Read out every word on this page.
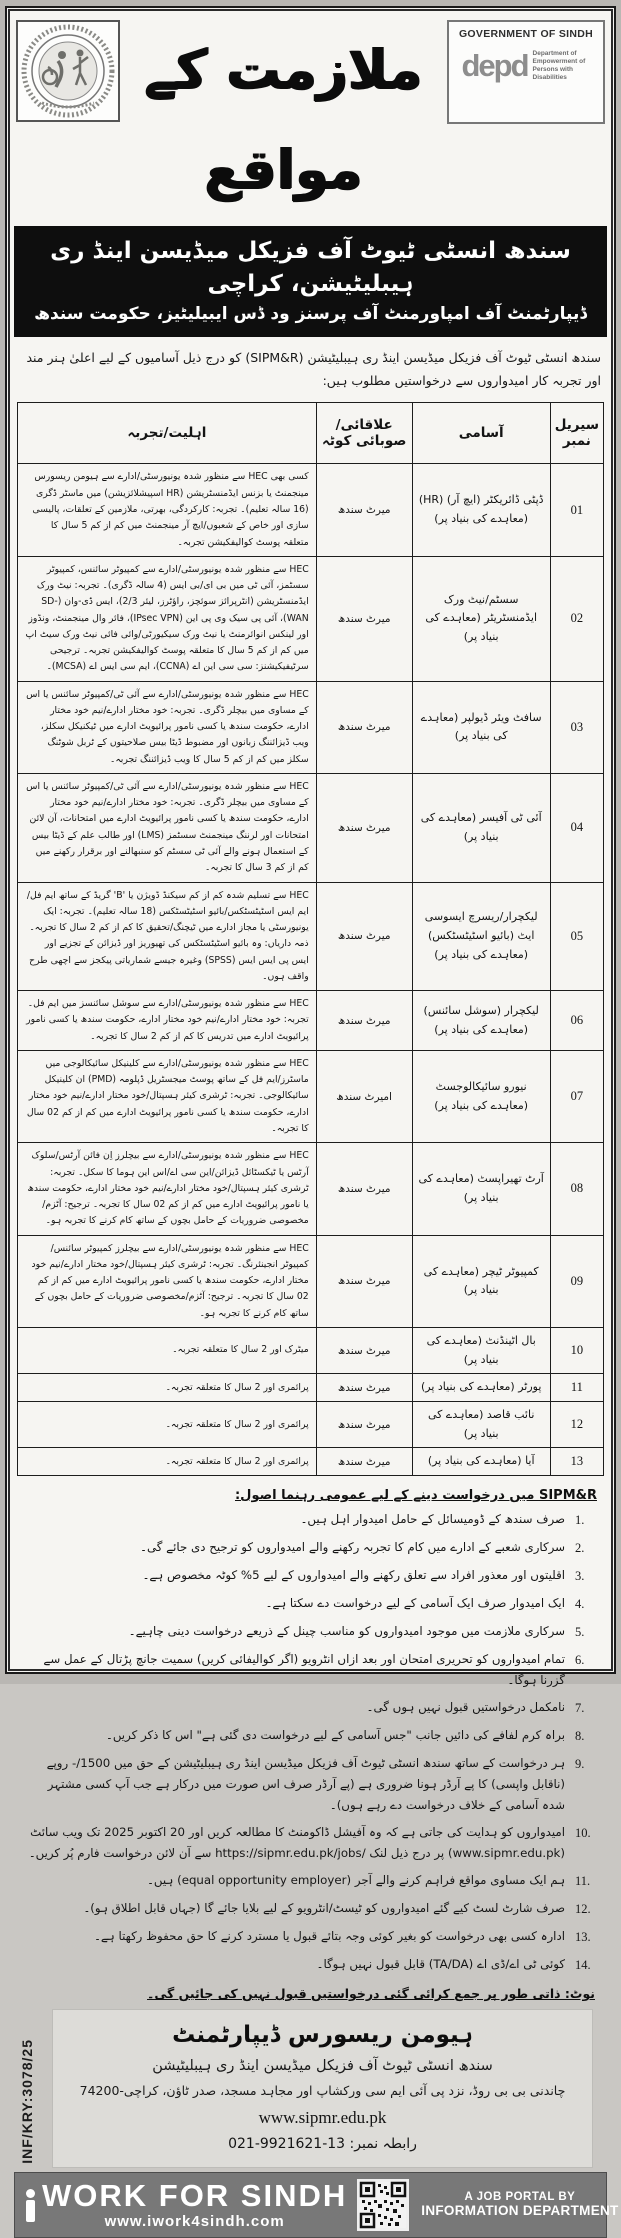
ملازمت کے مواقع
GOVERNMENT OF SINDH
depd Department of Empowerment of Persons with Disabilities
سندھ انسٹی ٹیوٹ آف فزیکل میڈیسن اینڈ ری ہیبلیٹیشن، کراچی
ڈیپارٹمنٹ آف امپاورمنٹ آف پرسنز ود ڈس ایبیلیٹیز، حکومت سندھ
سندھ انسٹی ٹیوٹ آف فزیکل میڈیسن اینڈ ری ہیبلیٹیشن (SIPM&R) کو درج ذیل آسامیوں کے لیے اعلیٰ ہنر مند اور تجربہ کار امیدواروں سے درخواستیں مطلوب ہیں:
سیریل نمبر	آسامی	علاقائی/صوبائی کوٹہ	اہلیت/تجربہ
01	ڈپٹی ڈائریکٹر (ایچ آر) (HR) (معاہدے کی بنیاد پر)	میرٹ سندھ	کسی بھی HEC سے منظور شدہ یونیورسٹی/ادارے سے ہیومن ریسورس مینجمنٹ یا بزنس ایڈمنسٹریشن (HR اسپیشلائزیشن) میں ماسٹر ڈگری (16 سالہ تعلیم)۔ تجربہ: کارکردگی، بھرتی، ملازمین کے تعلقات، پالیسی سازی اور خاص کے شعبوں/ایچ آر مینجمنٹ میں کم از کم 5 سال کا متعلقہ پوسٹ کوالیفکیشن تجربہ۔
02	سسٹم/نیٹ ورک ایڈمنسٹریٹر (معاہدے کی بنیاد پر)	میرٹ سندھ	HEC سے منظور شدہ یونیورسٹی/ادارے سے کمپیوٹر سائنس، کمپیوٹر سسٹمز، آئی ٹی میں بی ای/بی ایس (4 سالہ ڈگری)۔ تجربہ: نیٹ ورک ایڈمنسٹریشن (انٹرپرائز سوئچز، راؤٹرز، لیئر 2/3)، ایس ڈی-وان (SD-WAN)، آئی پی سیک وی پی این (IPsec VPN)، فائر وال مینجمنٹ، ونڈوز اور لینکس انوائرمنٹ یا نیٹ ورک سیکیورٹی/وائی فائی نیٹ ورک سیٹ اپ میں کم از کم 5 سال کا متعلقہ پوسٹ کوالیفکیشن تجربہ۔ ترجیحی سرٹیفیکیشنز: سی سی این اے (CCNA)، ایم سی ایس اے (MCSA)۔
03	سافٹ ویئر ڈیولپر (معاہدے کی بنیاد پر)	میرٹ سندھ	HEC سے منظور شدہ یونیورسٹی/ادارے سے آئی ٹی/کمپیوٹر سائنس یا اس کے مساوی میں بیچلر ڈگری۔ تجربہ: خود مختار ادارے/نیم خود مختار ادارے، حکومت سندھ یا کسی نامور پرائیویٹ ادارے میں ٹیکنیکل سکلز، ویب ڈیزائننگ زبانوں اور مضبوط ڈیٹا بیس صلاحیتوں کے ٹربل شوٹنگ سکلز میں کم از کم 5 سال کا ویب ڈیزائننگ تجربہ۔
04	آئی ٹی آفیسر (معاہدے کی بنیاد پر)	میرٹ سندھ	HEC سے منظور شدہ یونیورسٹی/ادارے سے آئی ٹی/کمپیوٹر سائنس یا اس کے مساوی میں بیچلر ڈگری۔ تجربہ: خود مختار ادارے/نیم خود مختار ادارے، حکومت سندھ یا کسی نامور پرائیویٹ ادارے میں امتحانات، آن لائن امتحانات اور لرننگ مینجمنٹ سسٹمز (LMS) اور طالب علم کے ڈیٹا بیس کے استعمال ہونے والے آئی ٹی سسٹم کو سنبھالنے اور برقرار رکھنے میں کم از کم 3 سال کا تجربہ۔
05	لیکچرار/ریسرچ ایسوسی ایٹ (بائیو اسٹیٹسٹکس) (معاہدے کی بنیاد پر)	میرٹ سندھ	HEC سے تسلیم شدہ کم از کم سیکنڈ ڈویژن یا 'B' گریڈ کے ساتھ ایم فل/ایم ایس اسٹیٹسٹکس/بائیو اسٹیٹسٹکس (18 سالہ تعلیم)۔ تجربہ: ایک یونیورسٹی یا مجاز ادارے میں ٹیچنگ/تحقیق کا کم از کم 2 سال کا تجربہ۔ ذمہ داریاں: وہ بائیو اسٹیٹسٹکس کی تھیوریز اور ڈیزائن کے تجزیے اور ایس پی ایس ایس (SPSS) وغیرہ جیسے شماریاتی پیکجز سے اچھی طرح واقف ہوں۔
06	لیکچرار (سوشل سائنس) (معاہدے کی بنیاد پر)	میرٹ سندھ	HEC سے منظور شدہ یونیورسٹی/ادارے سے سوشل سائنسز میں ایم فل۔ تجربہ: خود مختار ادارے/نیم خود مختار ادارے، حکومت سندھ یا کسی نامور پرائیویٹ ادارے میں تدریس کا کم از کم 2 سال کا تجربہ۔
07	نیورو سائیکالوجسٹ (معاہدے کی بنیاد پر)	امیرٹ سندھ	HEC سے منظور شدہ یونیورسٹی/ادارے سے کلینیکل سائیکالوجی میں ماسٹرز/ایم فل کے ساتھ پوسٹ میجسٹریل ڈپلومہ (PMD) ان کلینیکل سائیکالوجی۔ تجربہ: ٹرشری کیئر ہسپتال/خود مختار ادارے/نیم خود مختار ادارے، حکومت سندھ یا کسی نامور پرائیویٹ ادارے میں کم از کم 02 سال کا تجربہ۔
08	آرٹ تھیراپسٹ (معاہدے کی بنیاد پر)	میرٹ سندھ	HEC سے منظور شدہ یونیورسٹی/ادارے سے بیچلرز اِن فائن آرٹس/سلوک آرٹس یا ٹیکسٹائل ڈیزائن/این سی اے/اس این ہوما کا سکل۔ تجربہ: ٹرشری کیئر ہسپتال/خود مختار ادارے/نیم خود مختار ادارے، حکومت سندھ یا نامور پرائیویٹ ادارے میں کم از کم 02 سال کا تجربہ۔ ترجیح: آٹزم/مخصوصی ضروریات کے حامل بچوں کے ساتھ کام کرنے کا تجربہ ہو۔
09	کمپیوٹر ٹیچر (معاہدے کی بنیاد پر)	میرٹ سندھ	HEC سے منظور شدہ یونیورسٹی/ادارے سے بیچلرز کمپیوٹر سائنس/کمپیوٹر انجینئرنگ۔ تجربہ: ٹرشری کیئر ہسپتال/خود مختار ادارے/نیم خود مختار ادارے، حکومت سندھ یا کسی نامور پرائیویٹ ادارے میں کم از کم 02 سال کا تجربہ۔ ترجیح: آٹزم/مخصوصی ضروریات کے حامل بچوں کے ساتھ کام کرنے کا تجربہ ہو۔
10	بال اٹینڈنٹ (معاہدے کی بنیاد پر)	میرٹ سندھ	میٹرک اور 2 سال کا متعلقہ تجربہ۔
11	پورٹر (معاہدے کی بنیاد پر)	میرٹ سندھ	پرائمری اور 2 سال کا متعلقہ تجربہ۔
12	نائب قاصد (معاہدے کی بنیاد پر)	میرٹ سندھ	پرائمری اور 2 سال کا متعلقہ تجربہ۔
13	آیا (معاہدے کی بنیاد پر)	میرٹ سندھ	پرائمری اور 2 سال کا متعلقہ تجربہ۔
SIPM&R میں درخواست دینے کے لیے عمومی رہنما اصول:
1.
صرف سندھ کے ڈومیسائل کے حامل امیدوار اہل ہیں۔
2.
سرکاری شعبے کے ادارے میں کام کا تجربہ رکھنے والے امیدواروں کو ترجیح دی جائے گی۔
3.
اقلیتوں اور معذور افراد سے تعلق رکھنے والے امیدواروں کے لیے 5% کوٹہ مخصوص ہے۔
4.
ایک امیدوار صرف ایک آسامی کے لیے درخواست دے سکتا ہے۔
5.
سرکاری ملازمت میں موجود امیدواروں کو مناسب چینل کے ذریعے درخواست دینی چاہیے۔
6.
تمام امیدواروں کو تحریری امتحان اور بعد ازاں انٹرویو (اگر کوالیفائی کریں) سمیت جانچ پڑتال کے عمل سے گزرنا ہوگا۔
7.
نامکمل درخواستیں قبول نہیں ہوں گی۔
8.
براہ کرم لفافے کی دائیں جانب "جس آسامی کے لیے درخواست دی گئی ہے" اس کا ذکر کریں۔
9.
ہر درخواست کے ساتھ سندھ انسٹی ٹیوٹ آف فزیکل میڈیسن اینڈ ری ہیبلیٹیشن کے حق میں 1500/- روپے (ناقابل واپسی) کا پے آرڈر ہونا ضروری ہے (پے آرڈر صرف اس صورت میں درکار ہے جب آپ کسی مشتہر شدہ آسامی کے خلاف درخواست دے رہے ہوں)۔
10.
امیدواروں کو ہدایت کی جاتی ہے کہ وہ آفیشل ڈاکومنٹ کا مطالعہ کریں اور 20 اکتوبر 2025 تک ویب سائٹ (www.sipmr.edu.pk) پر درج ذیل لنک /https://sipmr.edu.pk/jobs سے آن لائن درخواست فارم پُر کریں۔
11.
ہم ایک مساوی مواقع فراہم کرنے والے آجر (equal opportunity employer) ہیں۔
12.
صرف شارٹ لسٹ کیے گئے امیدواروں کو ٹیسٹ/انٹرویو کے لیے بلایا جائے گا (جہاں قابل اطلاق ہو)۔
13.
ادارہ کسی بھی درخواست کو بغیر کوئی وجہ بتائے قبول یا مسترد کرنے کا حق محفوظ رکھتا ہے۔
14.
کوئی ٹی اے/ڈی اے (TA/DA) قابل قبول نہیں ہوگا۔
نوٹ: ذاتی طور پر جمع کرائی گئی درخواستیں قبول نہیں کی جائیں گی۔
INF/KRY:3078/25
ہیومن ریسورس ڈیپارٹمنٹ
سندھ انسٹی ٹیوٹ آف فزیکل میڈیسن اینڈ ری ہیبلیٹیشن
چاندنی بی بی روڈ، نزد پی آئی ایم سی ورکشاپ اور مجاہد مسجد، صدر ٹاؤن، کراچی-74200
www.sipmr.edu.pk
رابطہ نمبر: 021-9921621-13
WORK FOR SINDH
www.iwork4sindh.com
A JOB PORTAL BY
INFORMATION DEPARTMENT
